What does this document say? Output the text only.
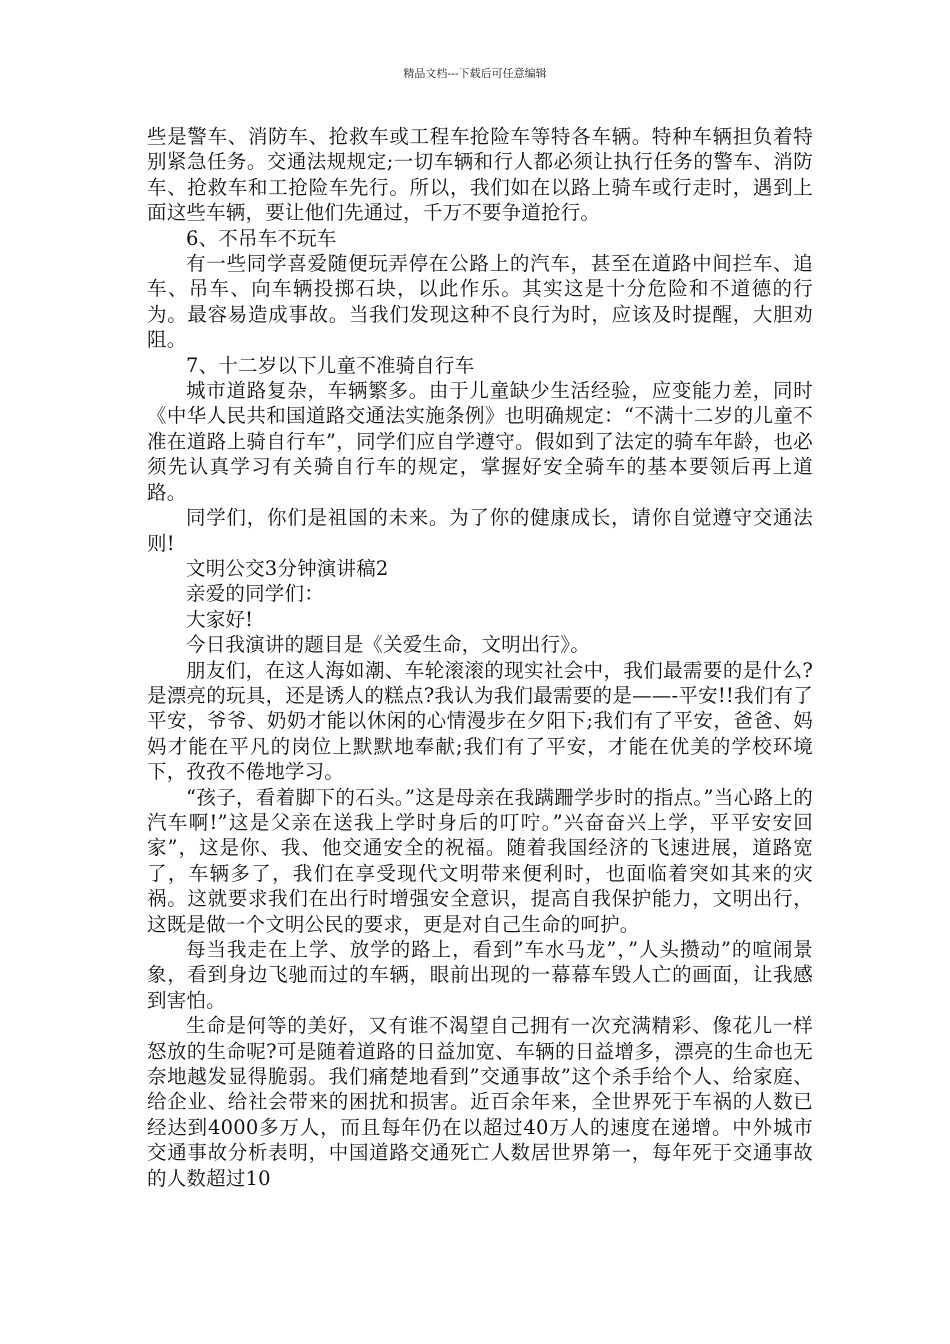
精品文档---下载后可任意编辑

些是警车、消防车、抢救车或工程车抢险车等特各车辆。特种车辆担负着特别紧急任务。交通法规规定;一切车辆和行人都必须让执行任务的警车、消防车、抢救车和工抢险车先行。所以，我们如在以路上骑车或行走时，遇到上面这些车辆，要让他们先通过，千万不要争道抢行。

6、不吊车不玩车

有一些同学喜爱随便玩弄停在公路上的汽车，甚至在道路中间拦车、追车、吊车、向车辆投掷石块，以此作乐。其实这是十分危险和不道德的行为。最容易造成事故。当我们发现这种不良行为时，应该及时提醒，大胆劝阻。

7、十二岁以下儿童不准骑自行车

城市道路复杂，车辆繁多。由于儿童缺少生活经验，应变能力差，同时《中华人民共和国道路交通法实施条例》也明确规定：“不满十二岁的儿童不准在道路上骑自行车”，同学们应自学遵守。假如到了法定的骑车年龄，也必须先认真学习有关骑自行车的规定，掌握好安全骑车的基本要领后再上道路。

同学们，你们是祖国的未来。为了你的健康成长，请你自觉遵守交通法则!

文明公交3分钟演讲稿2

亲爱的同学们：

大家好!

今日我演讲的题目是《关爱生命，文明出行》。

朋友们，在这人海如潮、车轮滚滚的现实社会中，我们最需要的是什么?是漂亮的玩具，还是诱人的糕点?我认为我们最需要的是——-平安!!我们有了平安，爷爷、奶奶才能以休闲的心情漫步在夕阳下;我们有了平安，爸爸、妈妈才能在平凡的岗位上默默地奉献;我们有了平安，才能在优美的学校环境下，孜孜不倦地学习。

“孩子，看着脚下的石头。”这是母亲在我蹒跚学步时的指点。”当心路上的汽车啊!”这是父亲在送我上学时身后的叮咛。”兴奋奋兴上学，平平安安回家”，这是你、我、他交通安全的祝福。随着我国经济的飞速进展，道路宽了，车辆多了，我们在享受现代文明带来便利时，也面临着突如其来的灾祸。这就要求我们在出行时增强安全意识，提高自我保护能力，文明出行，这既是做一个文明公民的要求，更是对自己生命的呵护。

每当我走在上学、放学的路上，看到”车水马龙”，”人头攒动”的喧闹景象，看到身边飞驰而过的车辆，眼前出现的一幕幕车毁人亡的画面，让我感到害怕。

生命是何等的美好，又有谁不渴望自己拥有一次充满精彩、像花儿一样怒放的生命呢?可是随着道路的日益加宽、车辆的日益增多，漂亮的生命也无奈地越发显得脆弱。我们痛楚地看到”交通事故”这个杀手给个人、给家庭、给企业、给社会带来的困扰和损害。近百余年来，全世界死于车祸的人数已经达到4000多万人，而且每年仍在以超过40万人的速度在递增。中外城市交通事故分析表明，中国道路交通死亡人数居世界第一，每年死于交通事故的人数超过10
